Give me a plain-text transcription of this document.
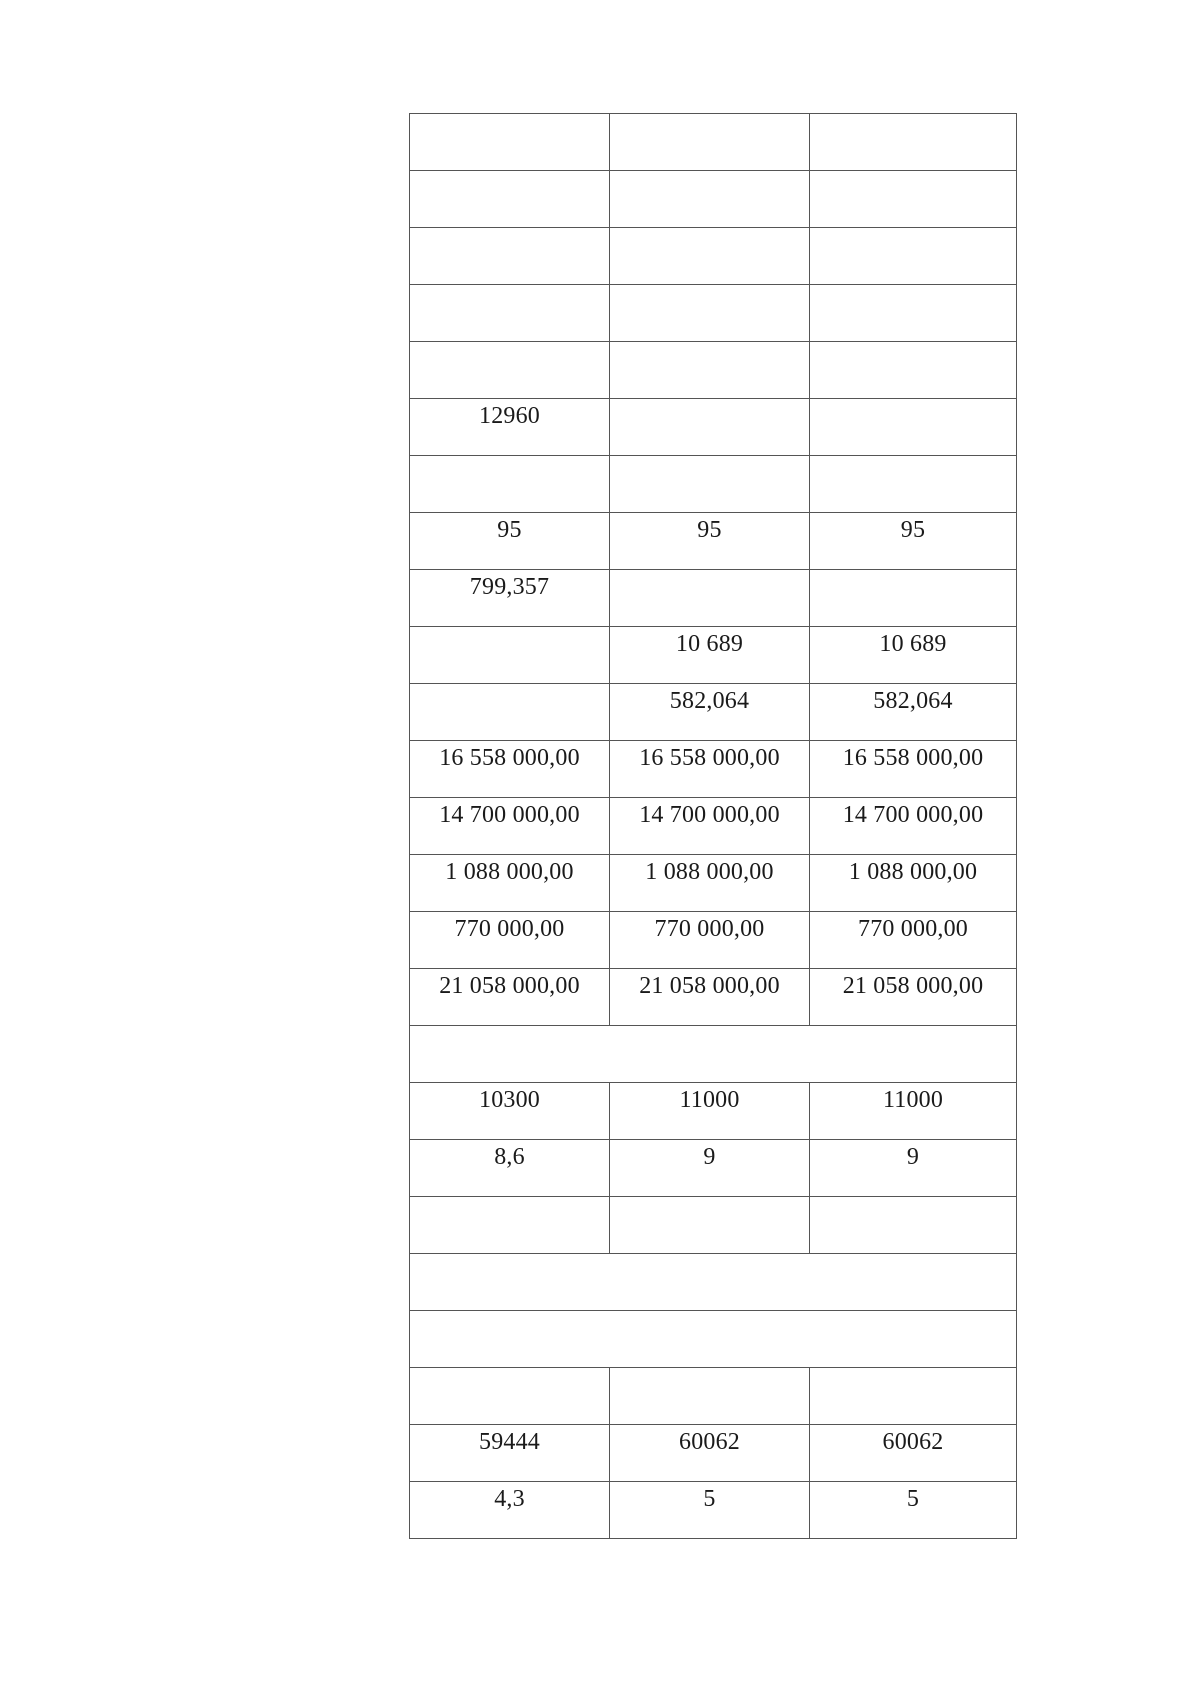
12960		

95	95	95
799,357		
	10 689	10 689
	582,064	582,064
16 558 000,00	16 558 000,00	16 558 000,00
14 700 000,00	14 700 000,00	14 700 000,00
1 088 000,00	1 088 000,00	1 088 000,00
770 000,00	770 000,00	770 000,00
21 058 000,00	21 058 000,00	21 058 000,00

10300	11000	11000
8,6	9	9

59444	60062	60062
4,3	5	5
